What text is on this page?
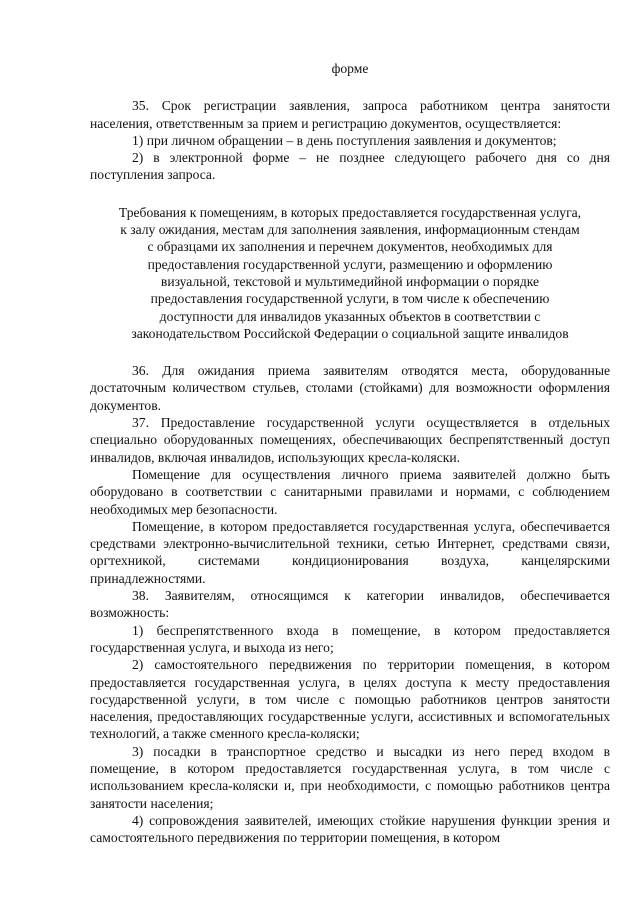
форме

35. Срок регистрации заявления, запроса работником центра занятости населения, ответственным за прием и регистрацию документов, осуществляется:

1) при личном обращении – в день поступления заявления и документов;

2) в электронной форме – не позднее следующего рабочего дня со дня поступления запроса.

Требования к помещениям, в которых предоставляется государственная услуга,
к залу ожидания, местам для заполнения заявления, информационным стендам
с образцами их заполнения и перечнем документов, необходимых для
предоставления государственной услуги, размещению и оформлению
визуальной, текстовой и мультимедийной информации о порядке
предоставления государственной услуги, в том числе к обеспечению
доступности для инвалидов указанных объектов в соответствии с
законодательством Российской Федерации о социальной защите инвалидов

36. Для ожидания приема заявителям отводятся места, оборудованные достаточным количеством стульев, столами (стойками) для возможности оформления документов.

37. Предоставление государственной услуги осуществляется в отдельных специально оборудованных помещениях, обеспечивающих беспрепятственный доступ инвалидов, включая инвалидов, использующих кресла-коляски.

Помещение для осуществления личного приема заявителей должно быть оборудовано в соответствии с санитарными правилами и нормами, с соблюдением необходимых мер безопасности.

Помещение, в котором предоставляется государственная услуга, обеспечивается средствами электронно-вычислительной техники, сетью Интернет, средствами связи, оргтехникой, системами кондиционирования воздуха, канцелярскими принадлежностями.

38. Заявителям, относящимся к категории инвалидов, обеспечивается возможность:

1) беспрепятственного входа в помещение, в котором предоставляется государственная услуга, и выхода из него;

2) самостоятельного передвижения по территории помещения, в котором предоставляется государственная услуга, в целях доступа к месту предоставления государственной услуги, в том числе с помощью работников центров занятости населения, предоставляющих государственные услуги, ассистивных и вспомогательных технологий, а также сменного кресла-коляски;

3) посадки в транспортное средство и высадки из него перед входом в помещение, в котором предоставляется государственная услуга, в том числе с использованием кресла-коляски и, при необходимости, с помощью работников центра занятости населения;

4) сопровождения заявителей, имеющих стойкие нарушения функции зрения и самостоятельного передвижения по территории помещения, в котором
